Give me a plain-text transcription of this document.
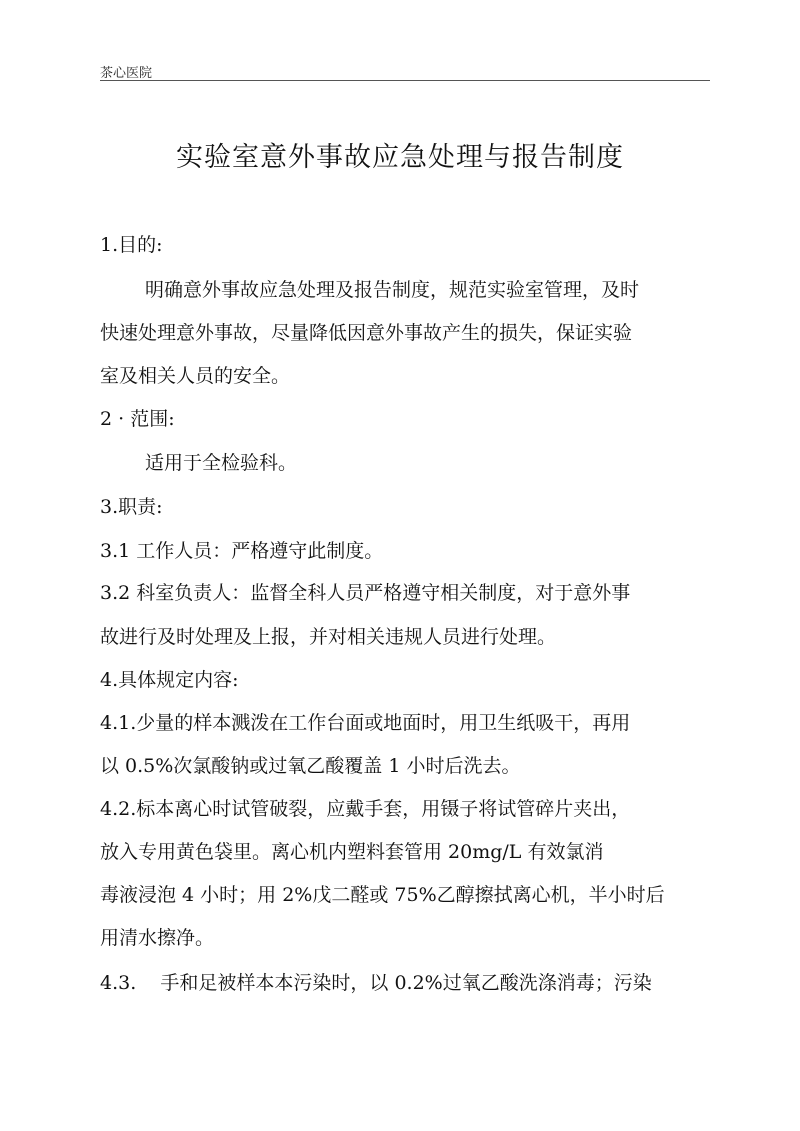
茶心医院
实验室意外事故应急处理与报告制度
1.目的:
明确意外事故应急处理及报告制度，规范实验室管理，及时
快速处理意外事故，尽量降低因意外事故产生的损失，保证实验
室及相关人员的安全。
2 · 范围:
适用于全检验科。
3.职责:
3.1 工作人员：严格遵守此制度。
3.2 科室负责人：监督全科人员严格遵守相关制度，对于意外事
故进行及时处理及上报，并对相关违规人员进行处理。
4.具体规定内容:
4.1.少量的样本溅泼在工作台面或地面时，用卫生纸吸干，再用
以 0.5%次氯酸钠或过氧乙酸覆盖 1 小时后洗去。
4.2.标本离心时试管破裂，应戴手套，用镊子将试管碎片夹出，
放入专用黄色袋里。离心机内塑料套管用 20mg/L 有效氯消
毒液浸泡 4 小时；用 2%戊二醛或 75%乙醇擦拭离心机，半小时后
用清水擦净。
4.3.    手和足被样本本污染时，以 0.2%过氧乙酸洗涤消毒；污染
